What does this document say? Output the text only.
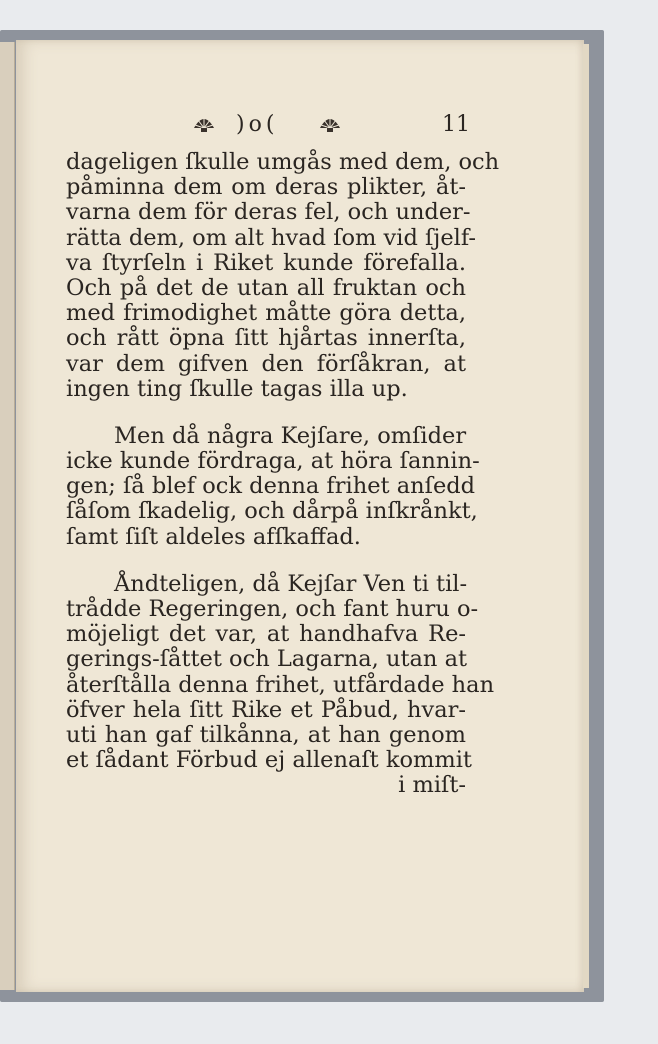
)o(	11
dageligen ſkulle umgås med dem, och
påminna dem om deras plikter, åt-
varna dem för deras fel, och under-
rätta dem, om alt hvad ſom vid ſjelf-
va ſtyrſeln i Riket kunde förefalla.
Och på det de utan all fruktan och
med frimodighet måtte göra detta,
och rått öpna ſitt hjårtas innerſta,
var dem gifven den förſåkran, at
ingen ting ſkulle tagas illa up.
Men då några Kejſare, omſider
icke kunde fördraga, at höra ſannin-
gen; ſå blef ock denna frihet anſedd
ſåſom ſkadelig, och dårpå inſkrånkt,
ſamt ſiſt aldeles afſkaffad.
Åndteligen, då Kejſar Ven ti til-
trådde Regeringen, och fant huru o-
möjeligt det var, at handhafva Re-
gerings-ſåttet och Lagarna, utan at
återſtålla denna frihet, utfårdade han
öfver hela ſitt Rike et Påbud, hvar-
uti han gaf tilkånna, at han genom
et ſådant Förbud ej allenaſt kommit
i miſt-
